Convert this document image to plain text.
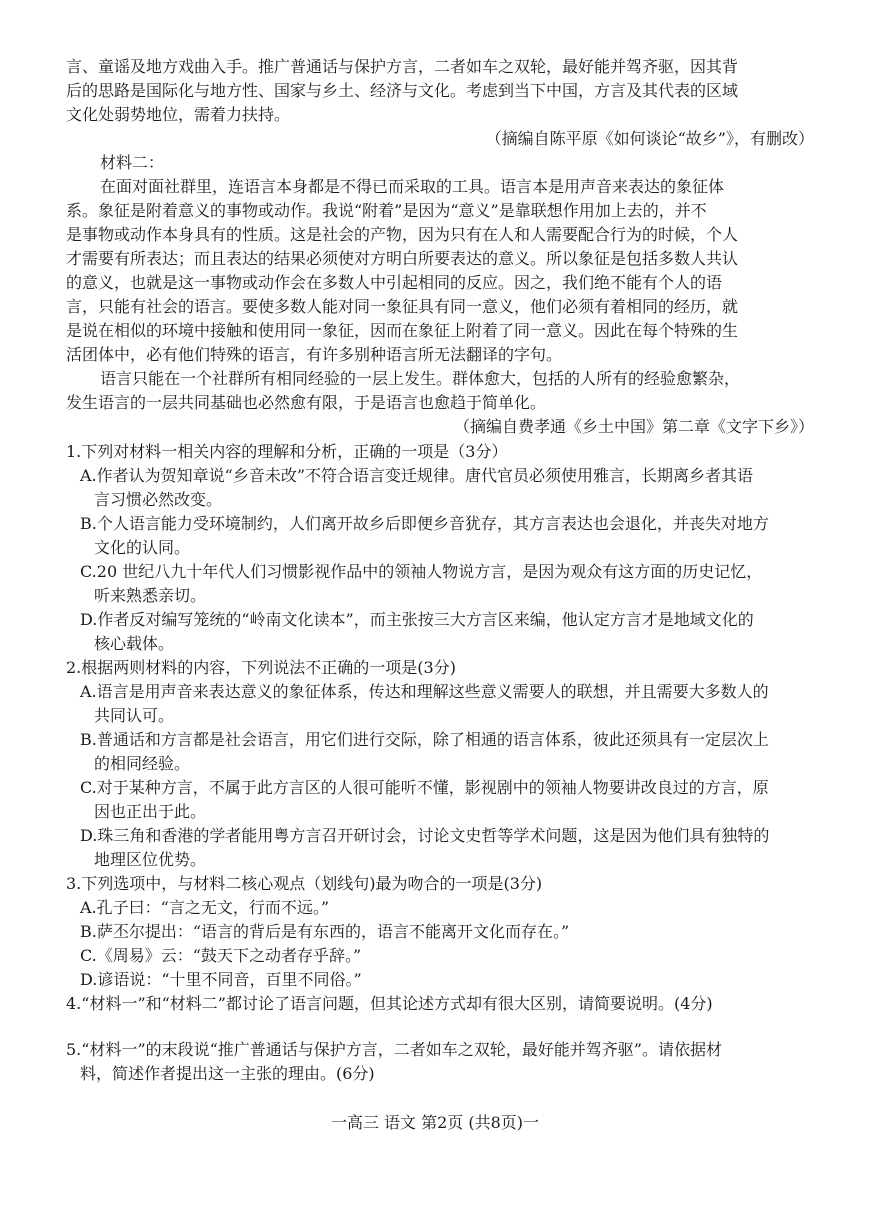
言、童谣及地方戏曲入手。推广普通话与保护方言，二者如车之双轮，最好能并驾齐驱，因其背
后的思路是国际化与地方性、国家与乡土、经济与文化。考虑到当下中国，方言及其代表的区域
文化处弱势地位，需着力扶持。
（摘编自陈平原《如何谈论“故乡”》，有删改）
材料二：
在面对面社群里，连语言本身都是不得已而采取的工具。语言本是用声音来表达的象征体
系。象征是附着意义的事物或动作。我说“附着”是因为“意义”是靠联想作用加上去的，并不
是事物或动作本身具有的性质。这是社会的产物，因为只有在人和人需要配合行为的时候，个人
才需要有所表达；而且表达的结果必须使对方明白所要表达的意义。所以象征是包括多数人共认
的意义，也就是这一事物或动作会在多数人中引起相同的反应。因之，我们绝不能有个人的语
言，只能有社会的语言。要使多数人能对同一象征具有同一意义，他们必须有着相同的经历，就
是说在相似的环境中接触和使用同一象征，因而在象征上附着了同一意义。因此在每个特殊的生
活团体中，必有他们特殊的语言，有许多别种语言所无法翻译的字句。
语言只能在一个社群所有相同经验的一层上发生。群体愈大，包括的人所有的经验愈繁杂，
发生语言的一层共同基础也必然愈有限，于是语言也愈趋于简单化。
（摘编自费孝通《乡土中国》第二章《文字下乡》）
1.下列对材料一相关内容的理解和分析，正确的一项是（3分）
A.作者认为贺知章说“乡音未改”不符合语言变迁规律。唐代官员必须使用雅言，长期离乡者其语
言习惯必然改变。
B.个人语言能力受环境制约，人们离开故乡后即便乡音犹存，其方言表达也会退化，并丧失对地方
文化的认同。
C.20 世纪八九十年代人们习惯影视作品中的领袖人物说方言，是因为观众有这方面的历史记忆，
听来熟悉亲切。
D.作者反对编写笼统的“岭南文化读本”，而主张按三大方言区来编，他认定方言才是地域文化的
核心载体。
2.根据两则材料的内容，下列说法不正确的一项是(3分)
A.语言是用声音来表达意义的象征体系，传达和理解这些意义需要人的联想，并且需要大多数人的
共同认可。
B.普通话和方言都是社会语言，用它们进行交际，除了相通的语言体系，彼此还须具有一定层次上
的相同经验。
C.对于某种方言，不属于此方言区的人很可能听不懂，影视剧中的领袖人物要讲改良过的方言，原
因也正出于此。
D.珠三角和香港的学者能用粤方言召开研讨会，讨论文史哲等学术问题，这是因为他们具有独特的
地理区位优势。
3.下列选项中，与材料二核心观点（划线句)最为吻合的一项是(3分)
A.孔子曰：“言之无文，行而不远。”
B.萨丕尔提出：“语言的背后是有东西的，语言不能离开文化而存在。”
C.《周易》云：“鼓天下之动者存乎辞。”
D.谚语说：“十里不同音，百里不同俗。”
4.“材料一”和“材料二”都讨论了语言问题，但其论述方式却有很大区别，请简要说明。(4分)
5.“材料一”的末段说“推广普通话与保护方言，二者如车之双轮，最好能并驾齐驱”。请依据材
料，简述作者提出这一主张的理由。(6分)
一高三 语文 第2页 (共8页)一
